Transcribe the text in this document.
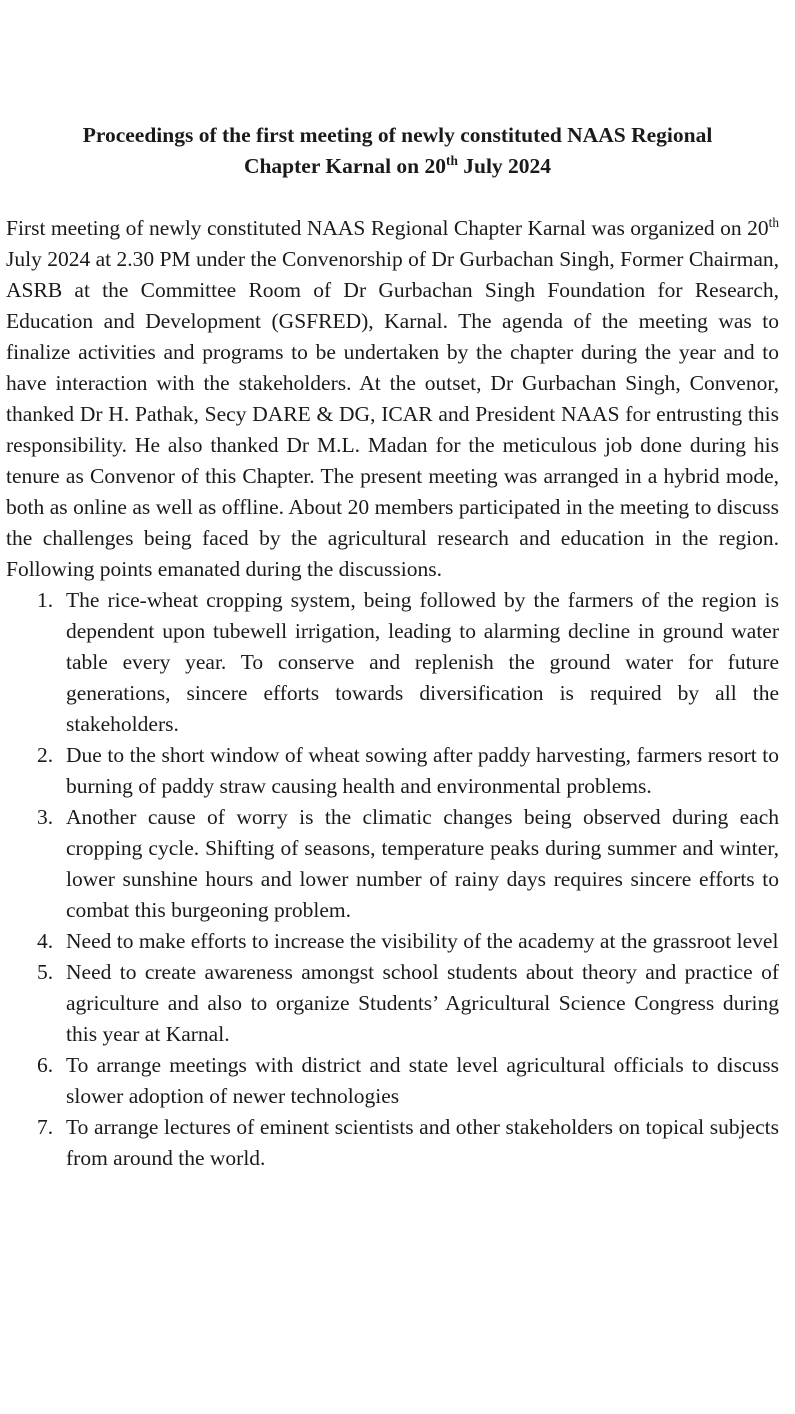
Proceedings of the first meeting of newly constituted NAAS Regional
Chapter Karnal on 20th July 2024

First meeting of newly constituted NAAS Regional Chapter Karnal was organized on 20th July 2024 at 2.30 PM under the Convenorship of Dr Gurbachan Singh, Former Chairman, ASRB at the Committee Room of Dr Gurbachan Singh Foundation for Research, Education and Development (GSFRED), Karnal. The agenda of the meeting was to finalize activities and programs to be undertaken by the chapter during the year and to have interaction with the stakeholders. At the outset, Dr Gurbachan Singh, Convenor, thanked Dr H. Pathak, Secy DARE & DG, ICAR and President NAAS for entrusting this responsibility. He also thanked Dr M.L. Madan for the meticulous job done during his tenure as Convenor of this Chapter. The present meeting was arranged in a hybrid mode, both as online as well as offline. About 20 members participated in the meeting to discuss the challenges being faced by the agricultural research and education in the region. Following points emanated during the discussions.

1. The rice-wheat cropping system, being followed by the farmers of the region is dependent upon tubewell irrigation, leading to alarming decline in ground water table every year. To conserve and replenish the ground water for future generations, sincere efforts towards diversification is required by all the stakeholders.
2. Due to the short window of wheat sowing after paddy harvesting, farmers resort to burning of paddy straw causing health and environmental problems.
3. Another cause of worry is the climatic changes being observed during each cropping cycle. Shifting of seasons, temperature peaks during summer and winter, lower sunshine hours and lower number of rainy days requires sincere efforts to combat this burgeoning problem.
4. Need to make efforts to increase the visibility of the academy at the grassroot level
5. Need to create awareness amongst school students about theory and practice of agriculture and also to organize Students’ Agricultural Science Congress during this year at Karnal.
6. To arrange meetings with district and state level agricultural officials to discuss slower adoption of newer technologies
7. To arrange lectures of eminent scientists and other stakeholders on topical subjects from around the world.
